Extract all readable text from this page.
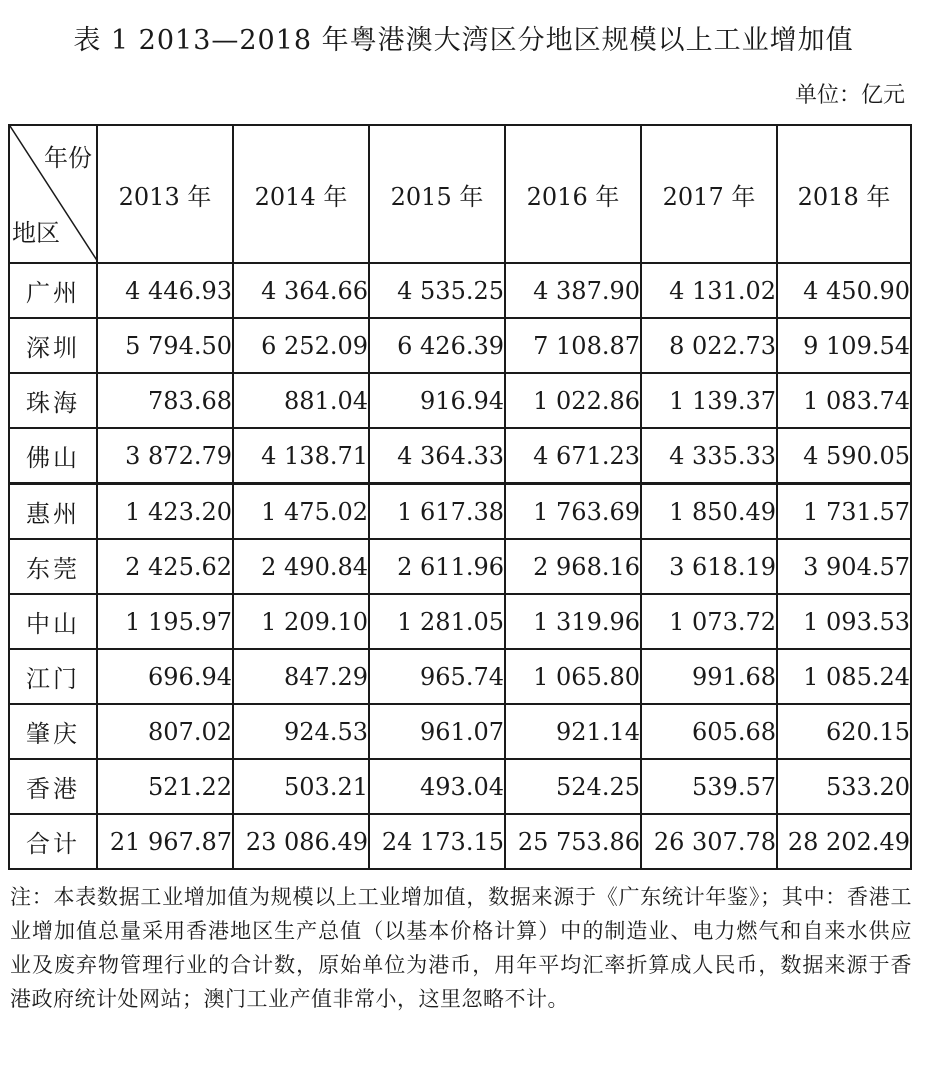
表 1 2013—2018 年粤港澳大湾区分地区规模以上工业增加值
单位：亿元
年份
地区	2013 年	2014 年	2015 年	2016 年	2017 年	2018 年
广州	4 446.93	4 364.66	4 535.25	4 387.90	4 131.02	4 450.90
深圳	5 794.50	6 252.09	6 426.39	7 108.87	8 022.73	9 109.54
珠海	783.68	881.04	916.94	1 022.86	1 139.37	1 083.74
佛山	3 872.79	4 138.71	4 364.33	4 671.23	4 335.33	4 590.05
惠州	1 423.20	1 475.02	1 617.38	1 763.69	1 850.49	1 731.57
东莞	2 425.62	2 490.84	2 611.96	2 968.16	3 618.19	3 904.57
中山	1 195.97	1 209.10	1 281.05	1 319.96	1 073.72	1 093.53
江门	696.94	847.29	965.74	1 065.80	991.68	1 085.24
肇庆	807.02	924.53	961.07	921.14	605.68	620.15
香港	521.22	503.21	493.04	524.25	539.57	533.20
合计	21 967.87	23 086.49	24 173.15	25 753.86	26 307.78	28 202.49
注：本表数据工业增加值为规模以上工业增加值，数据来源于《广东统计年鉴》；其中：香港工业增加值总量采用香港地区生产总值（以基本价格计算）中的制造业、电力燃气和自来水供应业及废弃物管理行业的合计数，原始单位为港币，用年平均汇率折算成人民币，数据来源于香港政府统计处网站；澳门工业产值非常小，这里忽略不计。
